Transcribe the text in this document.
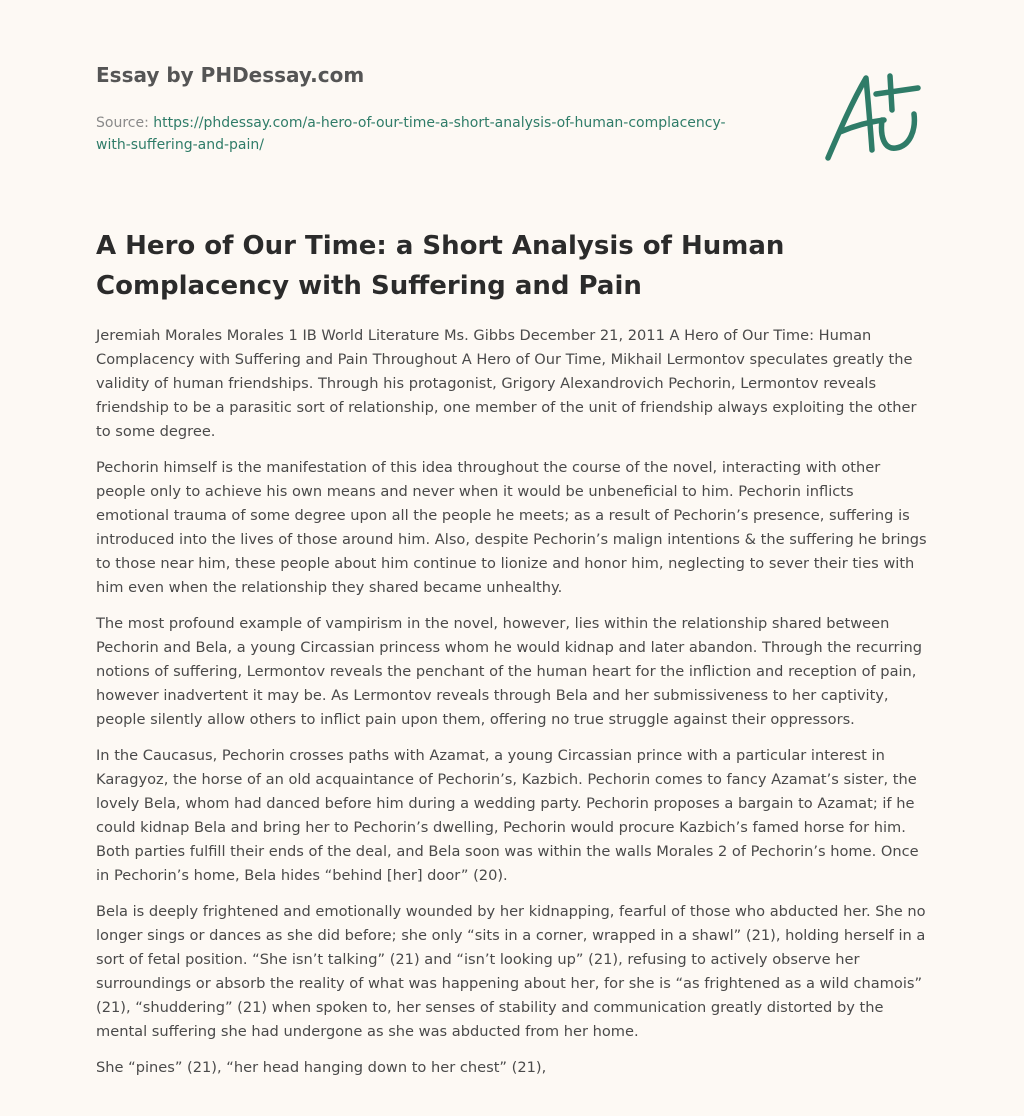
Essay by PHDessay.com

Source: https://phdessay.com/a-hero-of-our-time-a-short-analysis-of-human-complacency-with-suffering-and-pain/
A Hero of Our Time: a Short Analysis of Human Complacency with Suffering and Pain

Jeremiah Morales Morales 1 IB World Literature Ms. Gibbs December 21, 2011 A Hero of Our Time: Human Complacency with Suffering and Pain Throughout A Hero of Our Time, Mikhail Lermontov speculates greatly the validity of human friendships. Through his protagonist, Grigory Alexandrovich Pechorin, Lermontov reveals friendship to be a parasitic sort of relationship, one member of the unit of friendship always exploiting the other to some degree.

Pechorin himself is the manifestation of this idea throughout the course of the novel, interacting with other people only to achieve his own means and never when it would be unbeneficial to him. Pechorin inflicts emotional trauma of some degree upon all the people he meets; as a result of Pechorin’s presence, suffering is introduced into the lives of those around him. Also, despite Pechorin’s malign intentions & the suffering he brings to those near him, these people about him continue to lionize and honor him, neglecting to sever their ties with him even when the relationship they shared became unhealthy.

The most profound example of vampirism in the novel, however, lies within the relationship shared between Pechorin and Bela, a young Circassian princess whom he would kidnap and later abandon. Through the recurring notions of suffering, Lermontov reveals the penchant of the human heart for the infliction and reception of pain, however inadvertent it may be. As Lermontov reveals through Bela and her submissiveness to her captivity, people silently allow others to inflict pain upon them, offering no true struggle against their oppressors.

In the Caucasus, Pechorin crosses paths with Azamat, a young Circassian prince with a particular interest in Karagyoz, the horse of an old acquaintance of Pechorin’s, Kazbich. Pechorin comes to fancy Azamat’s sister, the lovely Bela, whom had danced before him during a wedding party. Pechorin proposes a bargain to Azamat; if he could kidnap Bela and bring her to Pechorin’s dwelling, Pechorin would procure Kazbich’s famed horse for him. Both parties fulfill their ends of the deal, and Bela soon was within the walls Morales 2 of Pechorin’s home. Once in Pechorin’s home, Bela hides “behind [her] door” (20).

Bela is deeply frightened and emotionally wounded by her kidnapping, fearful of those who abducted her. She no longer sings or dances as she did before; she only “sits in a corner, wrapped in a shawl” (21), holding herself in a sort of fetal position. “She isn’t talking” (21) and “isn’t looking up” (21), refusing to actively observe her surroundings or absorb the reality of what was happening about her, for she is “as frightened as a wild chamois” (21), “shuddering” (21) when spoken to, her senses of stability and communication greatly distorted by the mental suffering she had undergone as she was abducted from her home.

She “pines” (21), “her head hanging down to her chest” (21),
